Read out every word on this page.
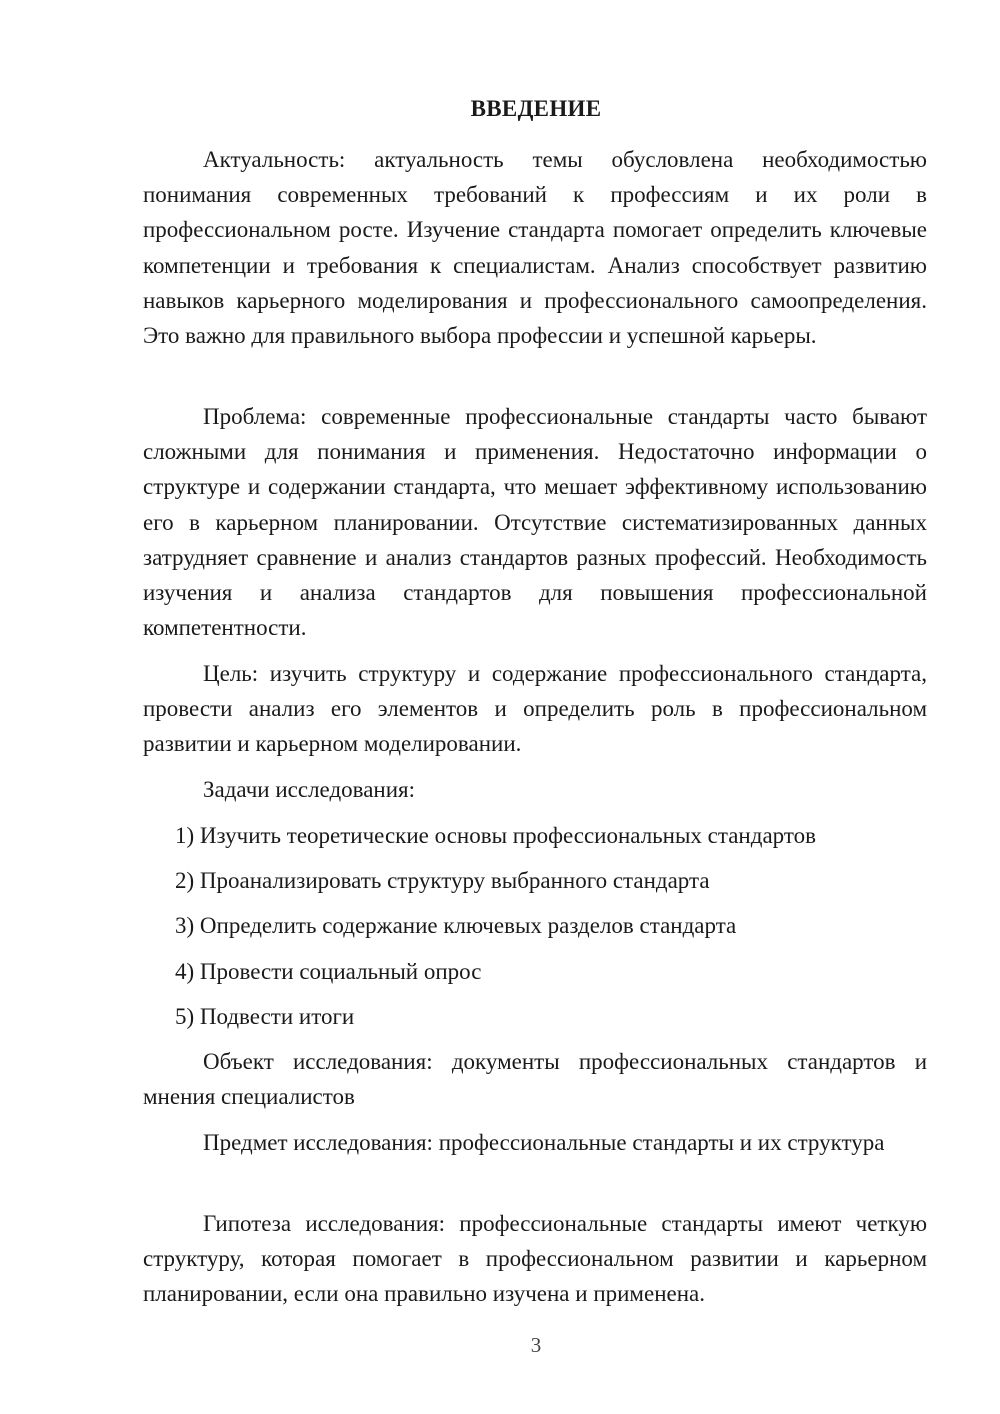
ВВЕДЕНИЕ

Актуальность: актуальность темы обусловлена необходимостью понимания современных требований к профессиям и их роли в профессиональном росте. Изучение стандарта помогает определить ключевые компетенции и требования к специалистам. Анализ способствует развитию навыков карьерного моделирования и профессионального самоопределения. Это важно для правильного выбора профессии и успешной карьеры.

Проблема: современные профессиональные стандарты часто бывают сложными для понимания и применения. Недостаточно информации о структуре и содержании стандарта, что мешает эффективному использованию его в карьерном планировании. Отсутствие систематизированных данных затрудняет сравнение и анализ стандартов разных профессий. Необходимость изучения и анализа стандартов для повышения профессиональной компетентности.

Цель: изучить структуру и содержание профессионального стандарта, провести анализ его элементов и определить роль в профессиональном развитии и карьерном моделировании.

Задачи исследования:

1) Изучить теоретические основы профессиональных стандартов

2) Проанализировать структуру выбранного стандарта

3) Определить содержание ключевых разделов стандарта

4) Провести социальный опрос

5) Подвести итоги

Объект исследования: документы профессиональных стандартов и мнения специалистов

Предмет исследования: профессиональные стандарты и их структура

Гипотеза исследования: профессиональные стандарты имеют четкую структуру, которая помогает в профессиональном развитии и карьерном планировании, если она правильно изучена и применена.

3
